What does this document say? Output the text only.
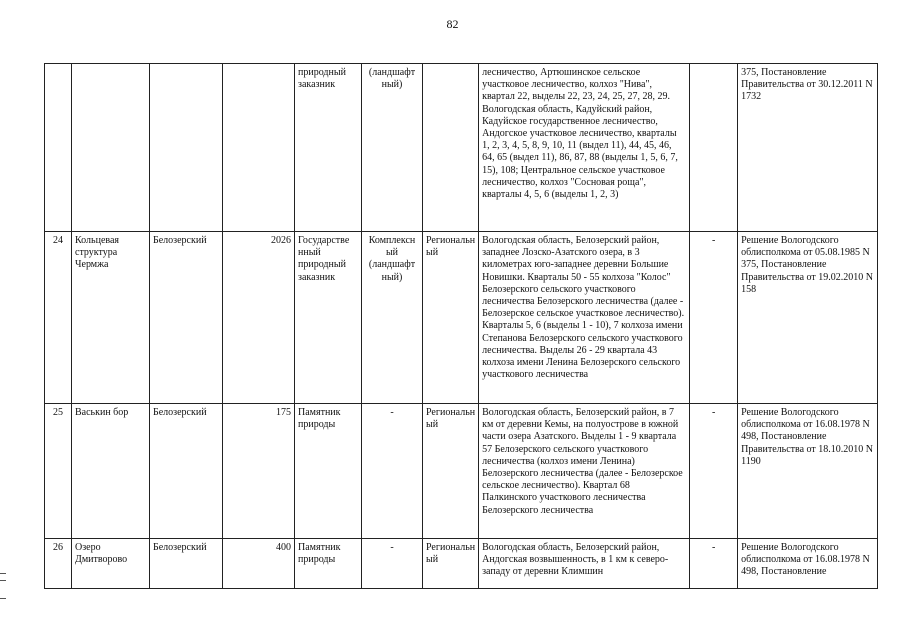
82
				природный заказник	(ландшафт ный)		лесничество, Артюшинское сельское участковое лесничество, колхоз "Нива", квартал 22, выделы 22, 23, 24, 25, 27, 28, 29. Вологодская область, Кадуйский район, Кадуйское государственное лесничество, Андогское участковое лесничество, кварталы 1, 2, 3, 4, 5, 8, 9, 10, 11 (выдел 11), 44, 45, 46, 64, 65 (выдел 11), 86, 87, 88 (выделы 1, 5, 6, 7, 15), 108; Центральное сельское участковое лесничество, колхоз "Сосновая роща", кварталы 4, 5, 6 (выделы 1, 2, 3)		375, Постановление Правительства от 30.12.2011 N 1732
24	Кольцевая структура Чермжа	Белозерский	2026	Государстве нный природный заказник	Комплексн ый (ландшафт ный)	Региональн ый	Вологодская область, Белозерский район, западнее Лозско-Азатского озера, в 3 километрах юго-западнее деревни Большие Новишки. Кварталы 50 - 55 колхоза "Колос" Белозерского сельского участкового лесничества Белозерского лесничества (далее - Белозерское сельское участковое лесничество). Кварталы 5, 6 (выделы 1 - 10), 7 колхоза имени Степанова Белозерского сельского участкового лесничества. Выделы 26 - 29 квартала 43 колхоза имени Ленина Белозерского сельского участкового лесничества	-	Решение Вологодского облисполкома от 05.08.1985 N 375, Постановление Правительства от 19.02.2010 N 158
25	Васькин бор	Белозерский	175	Памятник природы	-	Региональн ый	Вологодская область, Белозерский район, в 7 км от деревни Кемы, на полуострове в южной части озера Азатского. Выделы 1 - 9 квартала 57 Белозерского сельского участкового лесничества (колхоз имени Ленина) Белозерского лесничества (далее - Белозерское сельское лесничество). Квартал 68 Палкинского участкового лесничества Белозерского лесничества	-	Решение Вологодского облисполкома от 16.08.1978 N 498, Постановление Правительства от 18.10.2010 N 1190
26	Озеро Дмитворово	Белозерский	400	Памятник природы	-	Региональн ый	Вологодская область, Белозерский район, Андогская возвышенность, в 1 км к северо-западу от деревни Климшин	-	Решение Вологодского облисполкома от 16.08.1978 N 498, Постановление
